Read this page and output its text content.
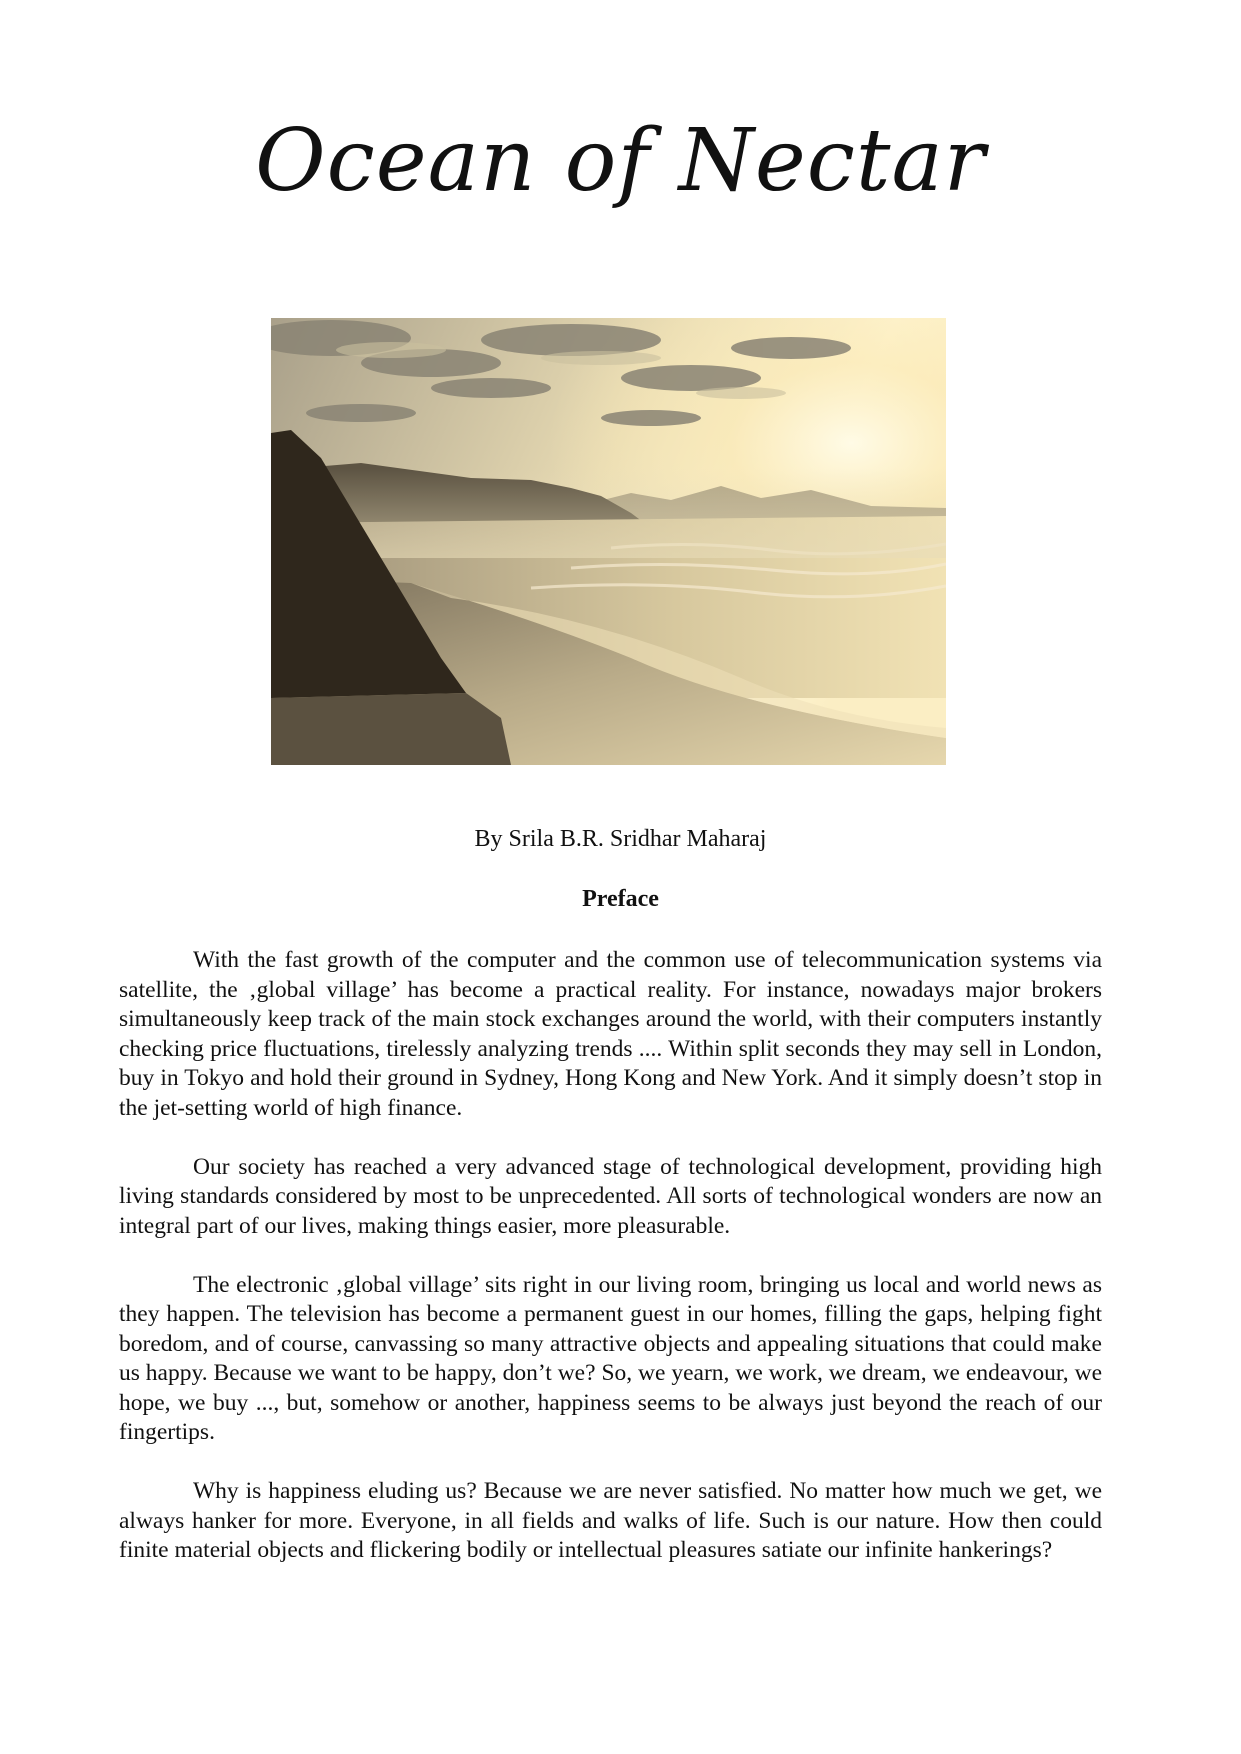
Ocean of Nectar
By Srila B.R. Sridhar Maharaj
Preface

With the fast growth of the computer and the common use of telecommunication systems via satellite, the ‚global village’ has become a practical reality. For instance, nowadays major brokers simultaneously keep track of the main stock exchanges around the world, with their computers instantly checking price fluctuations, tirelessly analyzing trends .... Within split seconds they may sell in London, buy in Tokyo and hold their ground in Sydney, Hong Kong and New York. And it simply doesn’t stop in the jet-setting world of high finance.

Our society has reached a very advanced stage of technological development, providing high living standards considered by most to be unprecedented. All sorts of technological wonders are now an integral part of our lives, making things easier, more pleasurable.

The electronic ‚global village’ sits right in our living room, bringing us local and world news as they happen. The television has become a permanent guest in our homes, filling the gaps, helping fight boredom, and of course, canvassing so many attractive objects and appealing situations that could make us happy. Because we want to be happy, don’t we? So, we yearn, we work, we dream, we endeavour, we hope, we buy ..., but, somehow or another, happiness seems to be always just beyond the reach of our fingertips.

Why is happiness eluding us? Because we are never satisfied. No matter how much we get, we always hanker for more. Everyone, in all fields and walks of life. Such is our nature. How then could finite material objects and flickering bodily or intellectual pleasures satiate our infinite hankerings?
